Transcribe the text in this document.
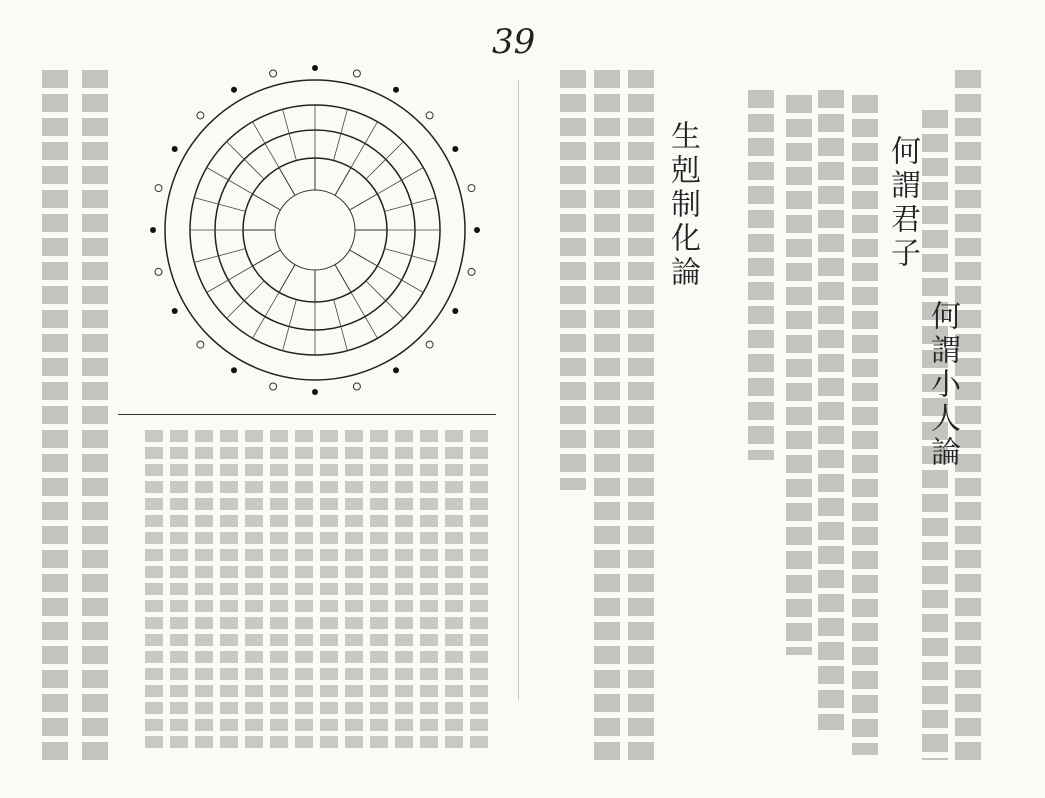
39
何謂君子
何謂小人論
生剋制化論
